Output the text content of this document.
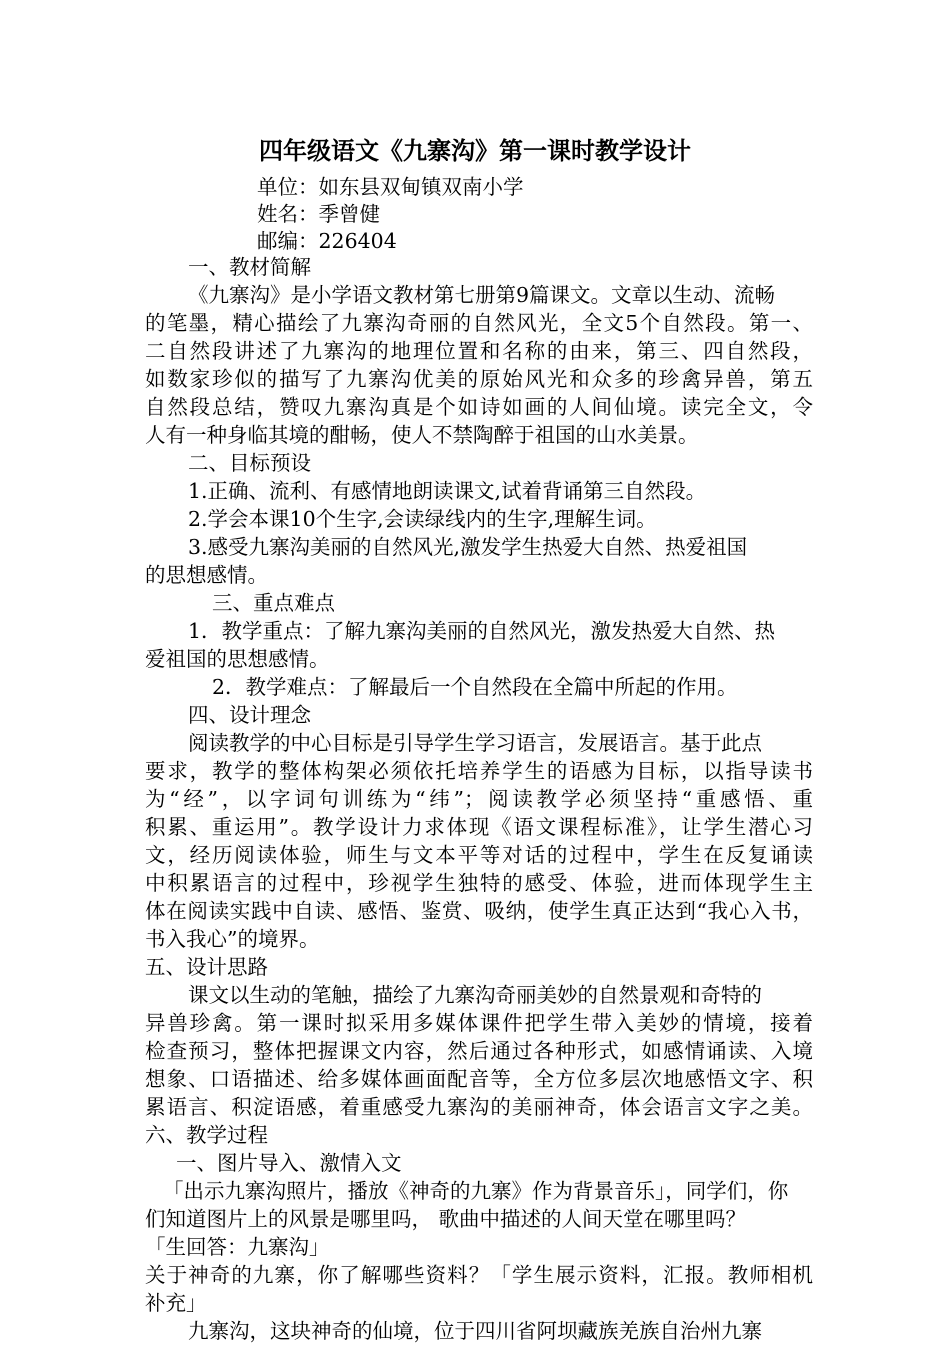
四年级语文《九寨沟》第一课时教学设计
单位：如东县双甸镇双南小学
姓名：季曾健
邮编：226404
一、教材简解
《九寨沟》是小学语文教材第七册第9篇课文。文章以生动、流畅
的笔墨，精心描绘了九寨沟奇丽的自然风光，全文5个自然段。第一、
二自然段讲述了九寨沟的地理位置和名称的由来，第三、四自然段，
如数家珍似的描写了九寨沟优美的原始风光和众多的珍禽异兽，第五
自然段总结，赞叹九寨沟真是个如诗如画的人间仙境。读完全文，令
人有一种身临其境的酣畅，使人不禁陶醉于祖国的山水美景。
二、目标预设
1.正确、流利、有感情地朗读课文,试着背诵第三自然段。
2.学会本课10个生字,会读绿线内的生字,理解生词。
3.感受九寨沟美丽的自然风光,激发学生热爱大自然、热爱祖国
的思想感情。
三、重点难点
1．教学重点：了解九寨沟美丽的自然风光，激发热爱大自然、热
爱祖国的思想感情。
2．教学难点：了解最后一个自然段在全篇中所起的作用。
四、设计理念
阅读教学的中心目标是引导学生学习语言，发展语言。基于此点
要求，教学的整体构架必须依托培养学生的语感为目标，以指导读书
为“经”，以字词句训练为“纬”；阅读教学必须坚持“重感悟、重
积累、重运用”。教学设计力求体现《语文课程标准》，让学生潜心习
文，经历阅读体验，师生与文本平等对话的过程中，学生在反复诵读
中积累语言的过程中，珍视学生独特的感受、体验，进而体现学生主
体在阅读实践中自读、感悟、鉴赏、吸纳，使学生真正达到“我心入书，
书入我心”的境界。
五、设计思路
课文以生动的笔触，描绘了九寨沟奇丽美妙的自然景观和奇特的
异兽珍禽。第一课时拟采用多媒体课件把学生带入美妙的情境，接着
检查预习，整体把握课文内容，然后通过各种形式，如感情诵读、入境
想象、口语描述、给多媒体画面配音等，全方位多层次地感悟文字、积
累语言、积淀语感，着重感受九寨沟的美丽神奇，体会语言文字之美。
六、教学过程
一、图片导入、激情入文
「出示九寨沟照片，播放《神奇的九寨》作为背景音乐」，同学们，你
们知道图片上的风景是哪里吗， 歌曲中描述的人间天堂在哪里吗？
「生回答：九寨沟」
关于神奇的九寨，你了解哪些资料？「学生展示资料，汇报。教师相机
补充」
九寨沟，这块神奇的仙境，位于四川省阿坝藏族羌族自治州九寨
